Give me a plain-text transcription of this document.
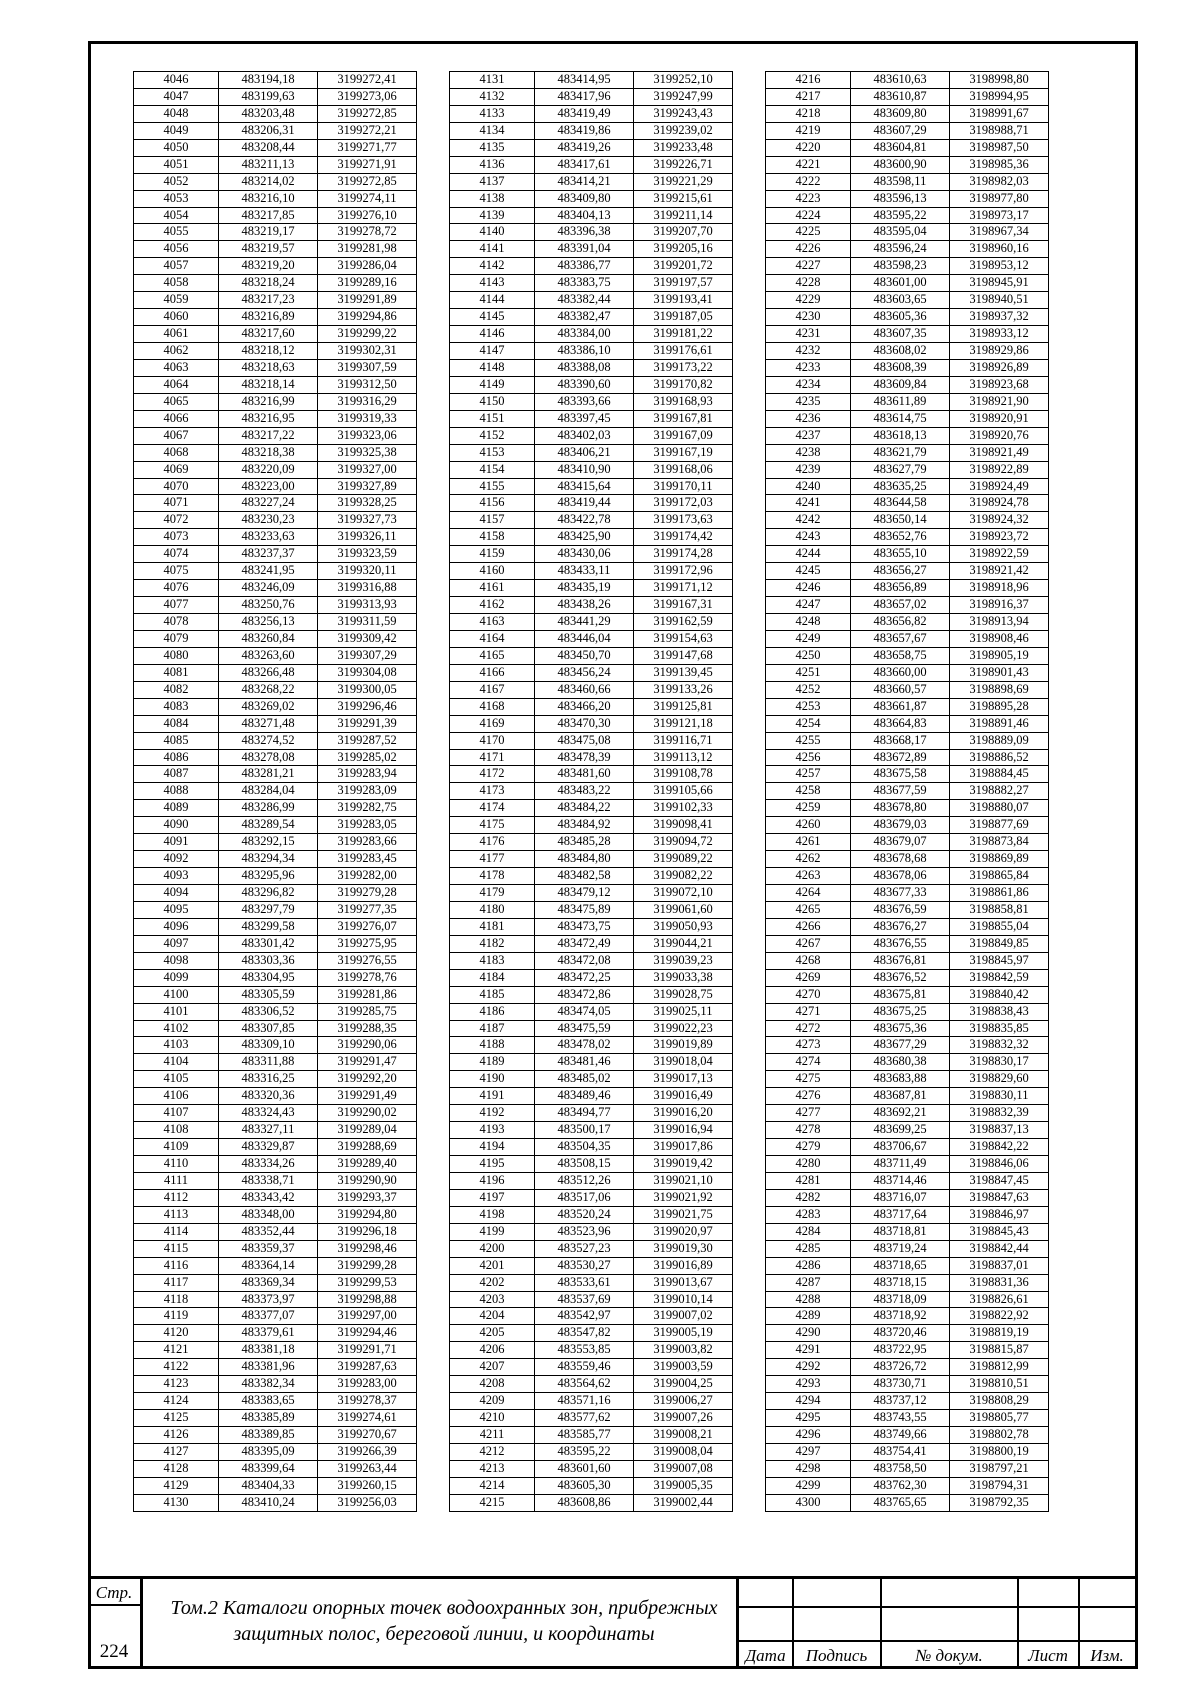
4046	483194,18	3199272,41
4047	483199,63	3199273,06
4048	483203,48	3199272,85
4049	483206,31	3199272,21
4050	483208,44	3199271,77
4051	483211,13	3199271,91
4052	483214,02	3199272,85
4053	483216,10	3199274,11
4054	483217,85	3199276,10
4055	483219,17	3199278,72
4056	483219,57	3199281,98
4057	483219,20	3199286,04
4058	483218,24	3199289,16
4059	483217,23	3199291,89
4060	483216,89	3199294,86
4061	483217,60	3199299,22
4062	483218,12	3199302,31
4063	483218,63	3199307,59
4064	483218,14	3199312,50
4065	483216,99	3199316,29
4066	483216,95	3199319,33
4067	483217,22	3199323,06
4068	483218,38	3199325,38
4069	483220,09	3199327,00
4070	483223,00	3199327,89
4071	483227,24	3199328,25
4072	483230,23	3199327,73
4073	483233,63	3199326,11
4074	483237,37	3199323,59
4075	483241,95	3199320,11
4076	483246,09	3199316,88
4077	483250,76	3199313,93
4078	483256,13	3199311,59
4079	483260,84	3199309,42
4080	483263,60	3199307,29
4081	483266,48	3199304,08
4082	483268,22	3199300,05
4083	483269,02	3199296,46
4084	483271,48	3199291,39
4085	483274,52	3199287,52
4086	483278,08	3199285,02
4087	483281,21	3199283,94
4088	483284,04	3199283,09
4089	483286,99	3199282,75
4090	483289,54	3199283,05
4091	483292,15	3199283,66
4092	483294,34	3199283,45
4093	483295,96	3199282,00
4094	483296,82	3199279,28
4095	483297,79	3199277,35
4096	483299,58	3199276,07
4097	483301,42	3199275,95
4098	483303,36	3199276,55
4099	483304,95	3199278,76
4100	483305,59	3199281,86
4101	483306,52	3199285,75
4102	483307,85	3199288,35
4103	483309,10	3199290,06
4104	483311,88	3199291,47
4105	483316,25	3199292,20
4106	483320,36	3199291,49
4107	483324,43	3199290,02
4108	483327,11	3199289,04
4109	483329,87	3199288,69
4110	483334,26	3199289,40
4111	483338,71	3199290,90
4112	483343,42	3199293,37
4113	483348,00	3199294,80
4114	483352,44	3199296,18
4115	483359,37	3199298,46
4116	483364,14	3199299,28
4117	483369,34	3199299,53
4118	483373,97	3199298,88
4119	483377,07	3199297,00
4120	483379,61	3199294,46
4121	483381,18	3199291,71
4122	483381,96	3199287,63
4123	483382,34	3199283,00
4124	483383,65	3199278,37
4125	483385,89	3199274,61
4126	483389,85	3199270,67
4127	483395,09	3199266,39
4128	483399,64	3199263,44
4129	483404,33	3199260,15
4130	483410,24	3199256,03
4131	483414,95	3199252,10
4132	483417,96	3199247,99
4133	483419,49	3199243,43
4134	483419,86	3199239,02
4135	483419,26	3199233,48
4136	483417,61	3199226,71
4137	483414,21	3199221,29
4138	483409,80	3199215,61
4139	483404,13	3199211,14
4140	483396,38	3199207,70
4141	483391,04	3199205,16
4142	483386,77	3199201,72
4143	483383,75	3199197,57
4144	483382,44	3199193,41
4145	483382,47	3199187,05
4146	483384,00	3199181,22
4147	483386,10	3199176,61
4148	483388,08	3199173,22
4149	483390,60	3199170,82
4150	483393,66	3199168,93
4151	483397,45	3199167,81
4152	483402,03	3199167,09
4153	483406,21	3199167,19
4154	483410,90	3199168,06
4155	483415,64	3199170,11
4156	483419,44	3199172,03
4157	483422,78	3199173,63
4158	483425,90	3199174,42
4159	483430,06	3199174,28
4160	483433,11	3199172,96
4161	483435,19	3199171,12
4162	483438,26	3199167,31
4163	483441,29	3199162,59
4164	483446,04	3199154,63
4165	483450,70	3199147,68
4166	483456,24	3199139,45
4167	483460,66	3199133,26
4168	483466,20	3199125,81
4169	483470,30	3199121,18
4170	483475,08	3199116,71
4171	483478,39	3199113,12
4172	483481,60	3199108,78
4173	483483,22	3199105,66
4174	483484,22	3199102,33
4175	483484,92	3199098,41
4176	483485,28	3199094,72
4177	483484,80	3199089,22
4178	483482,58	3199082,22
4179	483479,12	3199072,10
4180	483475,89	3199061,60
4181	483473,75	3199050,93
4182	483472,49	3199044,21
4183	483472,08	3199039,23
4184	483472,25	3199033,38
4185	483472,86	3199028,75
4186	483474,05	3199025,11
4187	483475,59	3199022,23
4188	483478,02	3199019,89
4189	483481,46	3199018,04
4190	483485,02	3199017,13
4191	483489,46	3199016,49
4192	483494,77	3199016,20
4193	483500,17	3199016,94
4194	483504,35	3199017,86
4195	483508,15	3199019,42
4196	483512,26	3199021,10
4197	483517,06	3199021,92
4198	483520,24	3199021,75
4199	483523,96	3199020,97
4200	483527,23	3199019,30
4201	483530,27	3199016,89
4202	483533,61	3199013,67
4203	483537,69	3199010,14
4204	483542,97	3199007,02
4205	483547,82	3199005,19
4206	483553,85	3199003,82
4207	483559,46	3199003,59
4208	483564,62	3199004,25
4209	483571,16	3199006,27
4210	483577,62	3199007,26
4211	483585,77	3199008,21
4212	483595,22	3199008,04
4213	483601,60	3199007,08
4214	483605,30	3199005,35
4215	483608,86	3199002,44
4216	483610,63	3198998,80
4217	483610,87	3198994,95
4218	483609,80	3198991,67
4219	483607,29	3198988,71
4220	483604,81	3198987,50
4221	483600,90	3198985,36
4222	483598,11	3198982,03
4223	483596,13	3198977,80
4224	483595,22	3198973,17
4225	483595,04	3198967,34
4226	483596,24	3198960,16
4227	483598,23	3198953,12
4228	483601,00	3198945,91
4229	483603,65	3198940,51
4230	483605,36	3198937,32
4231	483607,35	3198933,12
4232	483608,02	3198929,86
4233	483608,39	3198926,89
4234	483609,84	3198923,68
4235	483611,89	3198921,90
4236	483614,75	3198920,91
4237	483618,13	3198920,76
4238	483621,79	3198921,49
4239	483627,79	3198922,89
4240	483635,25	3198924,49
4241	483644,58	3198924,78
4242	483650,14	3198924,32
4243	483652,76	3198923,72
4244	483655,10	3198922,59
4245	483656,27	3198921,42
4246	483656,89	3198918,96
4247	483657,02	3198916,37
4248	483656,82	3198913,94
4249	483657,67	3198908,46
4250	483658,75	3198905,19
4251	483660,00	3198901,43
4252	483660,57	3198898,69
4253	483661,87	3198895,28
4254	483664,83	3198891,46
4255	483668,17	3198889,09
4256	483672,89	3198886,52
4257	483675,58	3198884,45
4258	483677,59	3198882,27
4259	483678,80	3198880,07
4260	483679,03	3198877,69
4261	483679,07	3198873,84
4262	483678,68	3198869,89
4263	483678,06	3198865,84
4264	483677,33	3198861,86
4265	483676,59	3198858,81
4266	483676,27	3198855,04
4267	483676,55	3198849,85
4268	483676,81	3198845,97
4269	483676,52	3198842,59
4270	483675,81	3198840,42
4271	483675,25	3198838,43
4272	483675,36	3198835,85
4273	483677,29	3198832,32
4274	483680,38	3198830,17
4275	483683,88	3198829,60
4276	483687,81	3198830,11
4277	483692,21	3198832,39
4278	483699,25	3198837,13
4279	483706,67	3198842,22
4280	483711,49	3198846,06
4281	483714,46	3198847,45
4282	483716,07	3198847,63
4283	483717,64	3198846,97
4284	483718,81	3198845,43
4285	483719,24	3198842,44
4286	483718,65	3198837,01
4287	483718,15	3198831,36
4288	483718,09	3198826,61
4289	483718,92	3198822,92
4290	483720,46	3198819,19
4291	483722,95	3198815,87
4292	483726,72	3198812,99
4293	483730,71	3198810,51
4294	483737,12	3198808,29
4295	483743,55	3198805,77
4296	483749,66	3198802,78
4297	483754,41	3198800,19
4298	483758,50	3198797,21
4299	483762,30	3198794,31
4300	483765,65	3198792,35
Стр.
224
Том.2 Каталоги опорных точек водоохранных зон, прибрежных
защитных полос, береговой линии, и координаты
Дата	Подпись	№ докум.	Лист	Изм.
